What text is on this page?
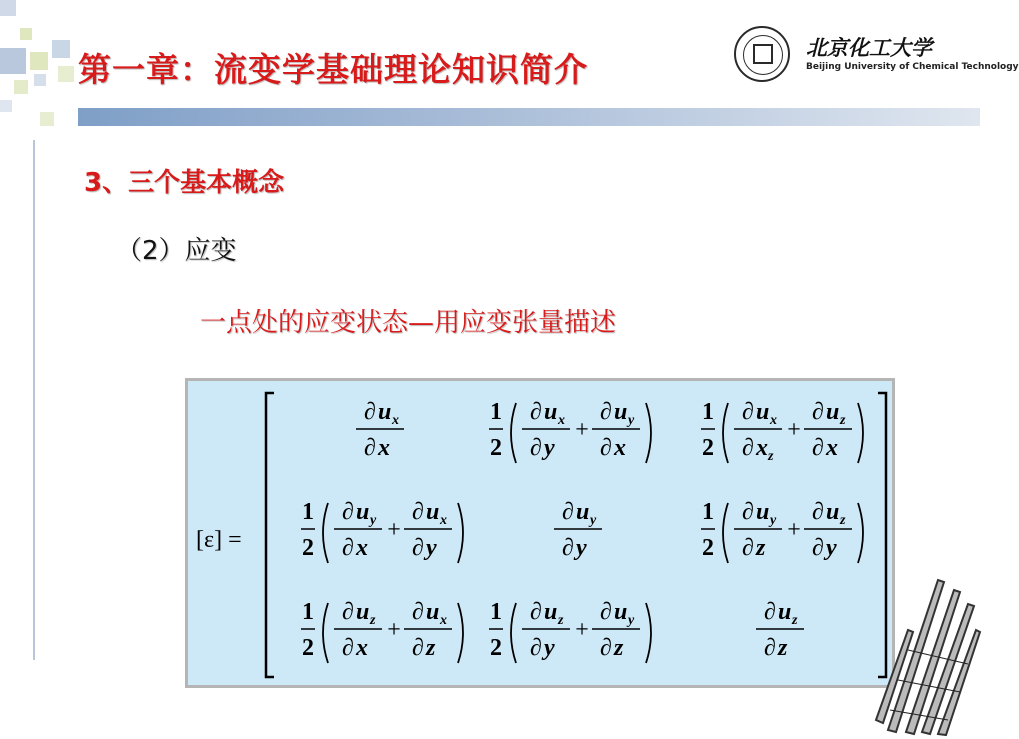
第一章：流变学基础理论知识简介
北京化工大学
Beijing University of Chemical Technology
3、三个基本概念
（2）应变
一点处的应变状态—用应变张量描述
[ε] =
∂ u x
∂ x
1
2
∂ u x
∂ y
+
∂ u y
∂ x
1
2
∂ u x
∂ x z
+
∂ u z
∂ x
1
2
∂ u y
∂ x
+
∂ u x
∂ y
∂ u y
∂ y
1
2
∂ u y
∂ z
+
∂ u z
∂ y
1
2
∂ u z
∂ x
+
∂ u x
∂ z
1
2
∂ u z
∂ y
+
∂ u y
∂ z
∂ u z
∂ z
